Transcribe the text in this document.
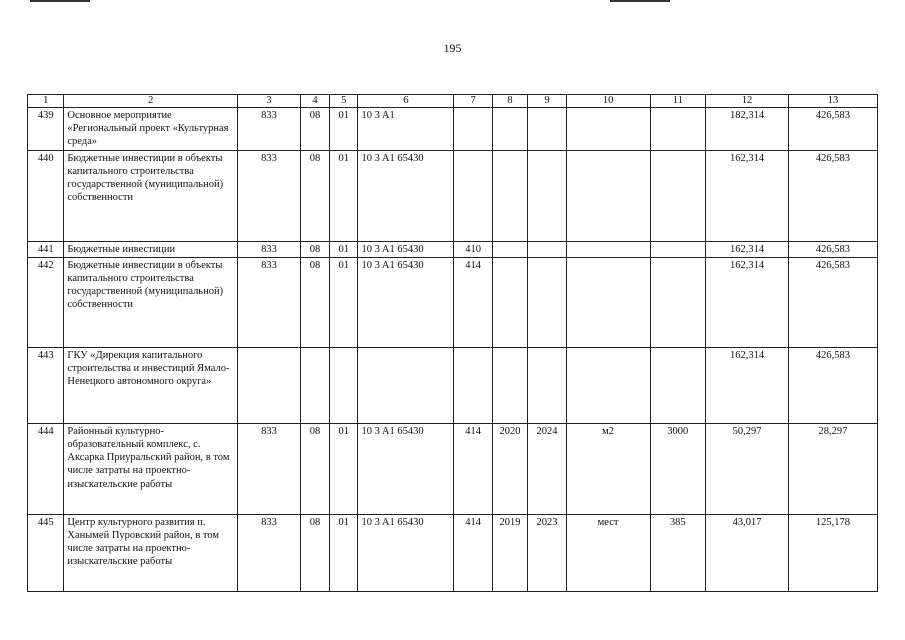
195
1	2	3	4	5	6	7	8	9	10	11	12	13
439	Основное мероприятие «Региональный проект «Культурная среда»	833	08	01	10 3 A1						182,314	426,583
440	Бюджетные инвестиции в объекты капитального строительства государственной (муниципальной) собственности	833	08	01	10 3 A1 65430						162,314	426,583
441	Бюджетные инвестиции	833	08	01	10 3 A1 65430	410					162,314	426,583
442	Бюджетные инвестиции в объекты капитального строительства государственной (муниципальной) собственности	833	08	01	10 3 A1 65430	414					162,314	426,583
443	ГКУ «Дирекция капитального строительства и инвестиций Ямало-Ненецкого автономного округа»										162,314	426,583
444	Районный культурно-образовательный комплекс, с. Аксарка Приуральский район, в том числе затраты на проектно-изыскательские работы	833	08	01	10 3 A1 65430	414	2020	2024	м2	3000	50,297	28,297
445	Центр культурного развития п. Ханымей Пуровский район, в том числе затраты на проектно-изыскательские работы	833	08	01	10 3 A1 65430	414	2019	2023	мест	385	43,017	125,178
